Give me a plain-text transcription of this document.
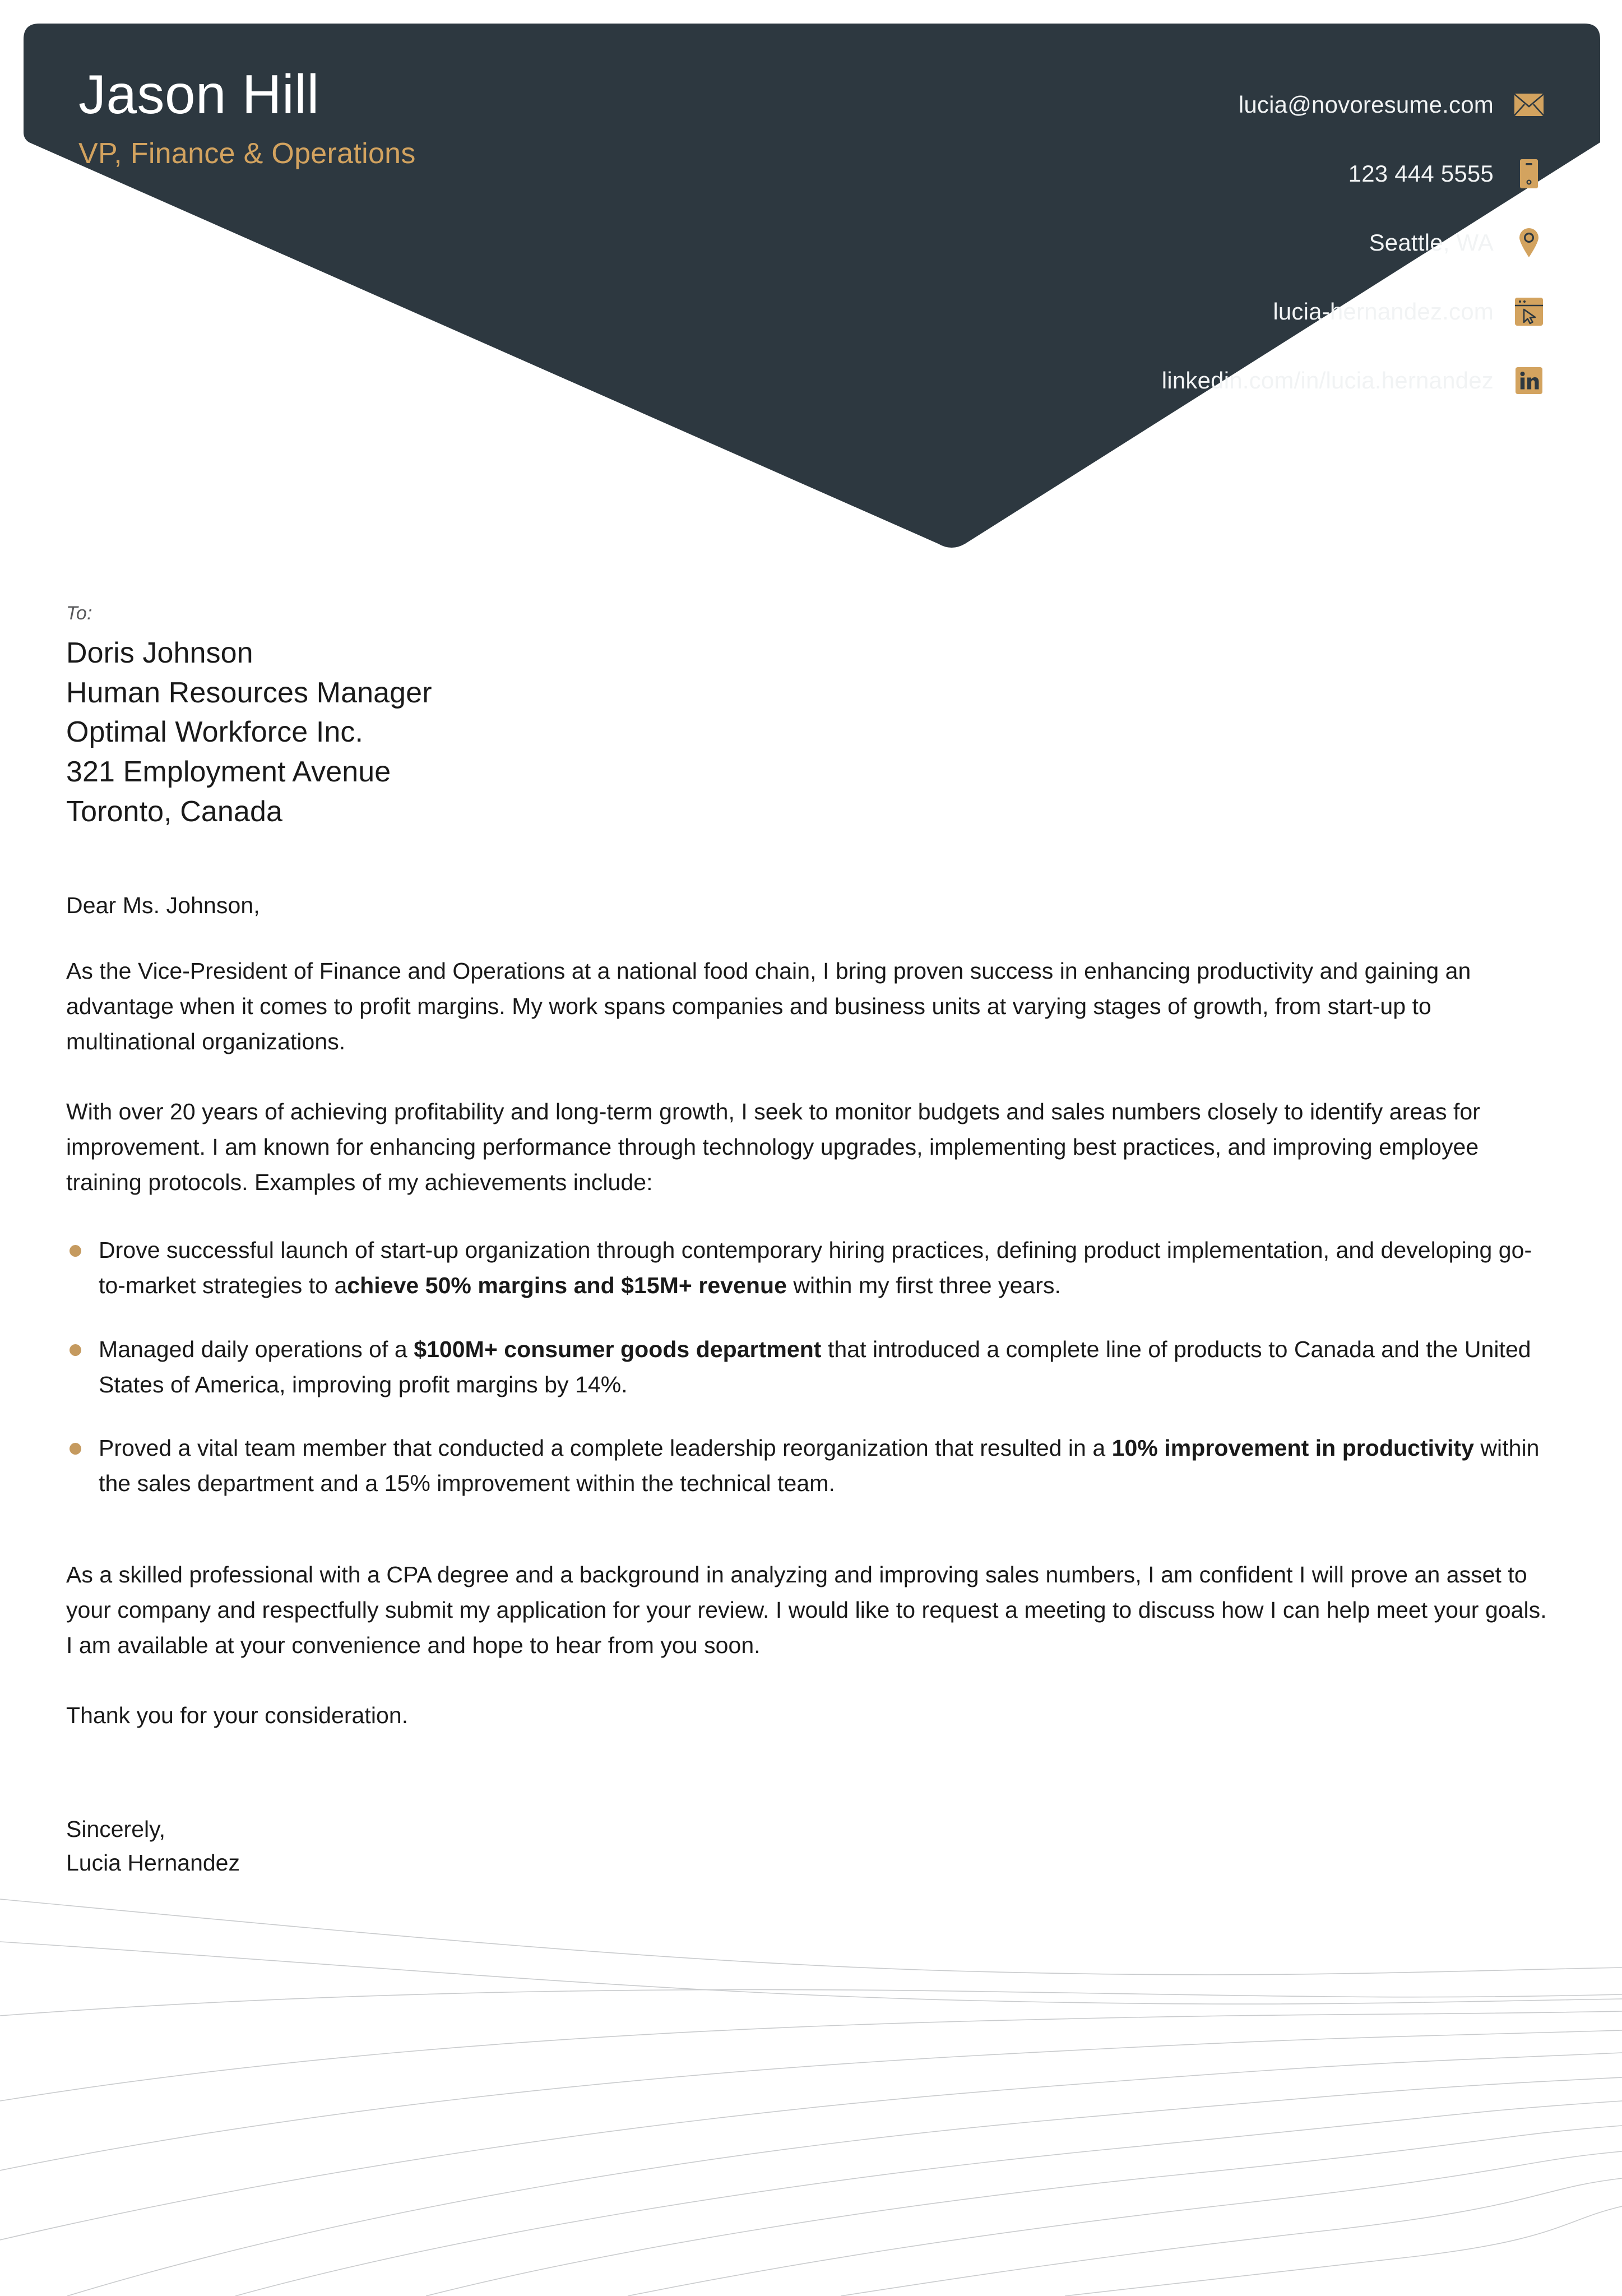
Jason Hill
VP, Finance & Operations
lucia@novoresume.com
123 444 5555
Seattle, WA
lucia-hernandez.com
linkedin.com/in/lucia.hernandez
To:
Doris Johnson
Human Resources Manager
Optimal Workforce Inc.
321 Employment Avenue
Toronto, Canada
Dear Ms. Johnson,

As the Vice-President of Finance and Operations at a national food chain, I bring proven success in enhancing productivity and gaining an advantage when it comes to profit margins. My work spans companies and business units at varying stages of growth, from start-up to multinational organizations.

With over 20 years of achieving profitability and long-term growth, I seek to monitor budgets and sales numbers closely to identify areas for improvement. I am known for enhancing performance through technology upgrades, implementing best practices, and improving employee training protocols. Examples of my achievements include:

Drove successful launch of start-up organization through contemporary hiring practices, defining product implementation, and developing go-to-market strategies to achieve 50% margins and $15M+ revenue within my first three years.
Managed daily operations of a $100M+ consumer goods department that introduced a complete line of products to Canada and the United States of America, improving profit margins by 14%.
Proved a vital team member that conducted a complete leadership reorganization that resulted in a 10% improvement in productivity within the sales department and a 15% improvement within the technical team.

As a skilled professional with a CPA degree and a background in analyzing and improving sales numbers, I am confident I will prove an asset to your company and respectfully submit my application for your review. I would like to request a meeting to discuss how I can help meet your goals. I am available at your convenience and hope to hear from you soon.

Thank you for your consideration.

Sincerely,
Lucia Hernandez
